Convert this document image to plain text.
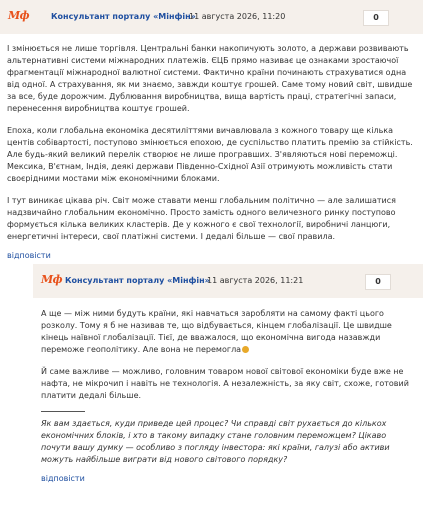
Мф	Консультант порталу «Мінфін»
11 августа 2026, 11:20	0

І змінюється не лише торгівля. Центральні банки накопичують золото, а держави розвивають альтернативні системи міжнародних платежів. ЄЦБ прямо називає це ознаками зростаючої фрагментації міжнародної валютної системи. Фактично країни починають страхуватися одна від одної. А страхування, як ми знаємо, завжди коштує грошей. Саме тому новий світ, швидше за все, буде дорожчим. Дублювання виробництва, вища вартість праці, стратегічні запаси, перенесення виробництва коштує грошей.

Епоха, коли глобальна економіка десятиліттями вичавлювала з кожного товару ще кілька центів собівартості, поступово змінюється епохою, де суспільство платить премію за стійкість. Але будь-який великий перелік створює не лише програвших. З'являються нові переможці. Мексика, В'єтнам, Індія, деякі держави Південно-Східної Азії отримують можливість стати своєрідними мостами між економічними блоками.

І тут виникає цікава річ. Світ може ставати менш глобальним політично — але залишатися надзвичайно глобальним економічно. Просто замість одного величезного ринку поступово формується кілька великих кластерів. Де у кожного є свої технології, виробничі ланцюги, енергетичні інтереси, свої платіжні системи. І дедалі більше — свої правила.

відповісти
Мф Консультант порталу «Мінфін»
11 августа 2026, 11:21	0

А ще — між ними будуть країни, які навчаться заробляти на самому факті цього розколу. Тому я б не називав те, що відбувається, кінцем глобалізації. Це швидше кінець наївної глобалізації. Тієї, де вважалося, що економічна вигода назавжди переможе геополітику. Але вона не перемогла

Й саме важливе — можливо, головним товаром нової світової економіки буде вже не нафта, не мікрочип і навіть не технологія. А незалежність, за яку світ, схоже, готовий платити дедалі більше.

Як вам здається, куди приведе цей процес? Чи справді світ рухається до кількох економічних блоків, і хто в такому випадку стане головним переможцем? Цікаво почути вашу думку — особливо з погляду інвестора: які країни, галузі або активи можуть найбільше виграти від нового світового порядку?

відповісти
